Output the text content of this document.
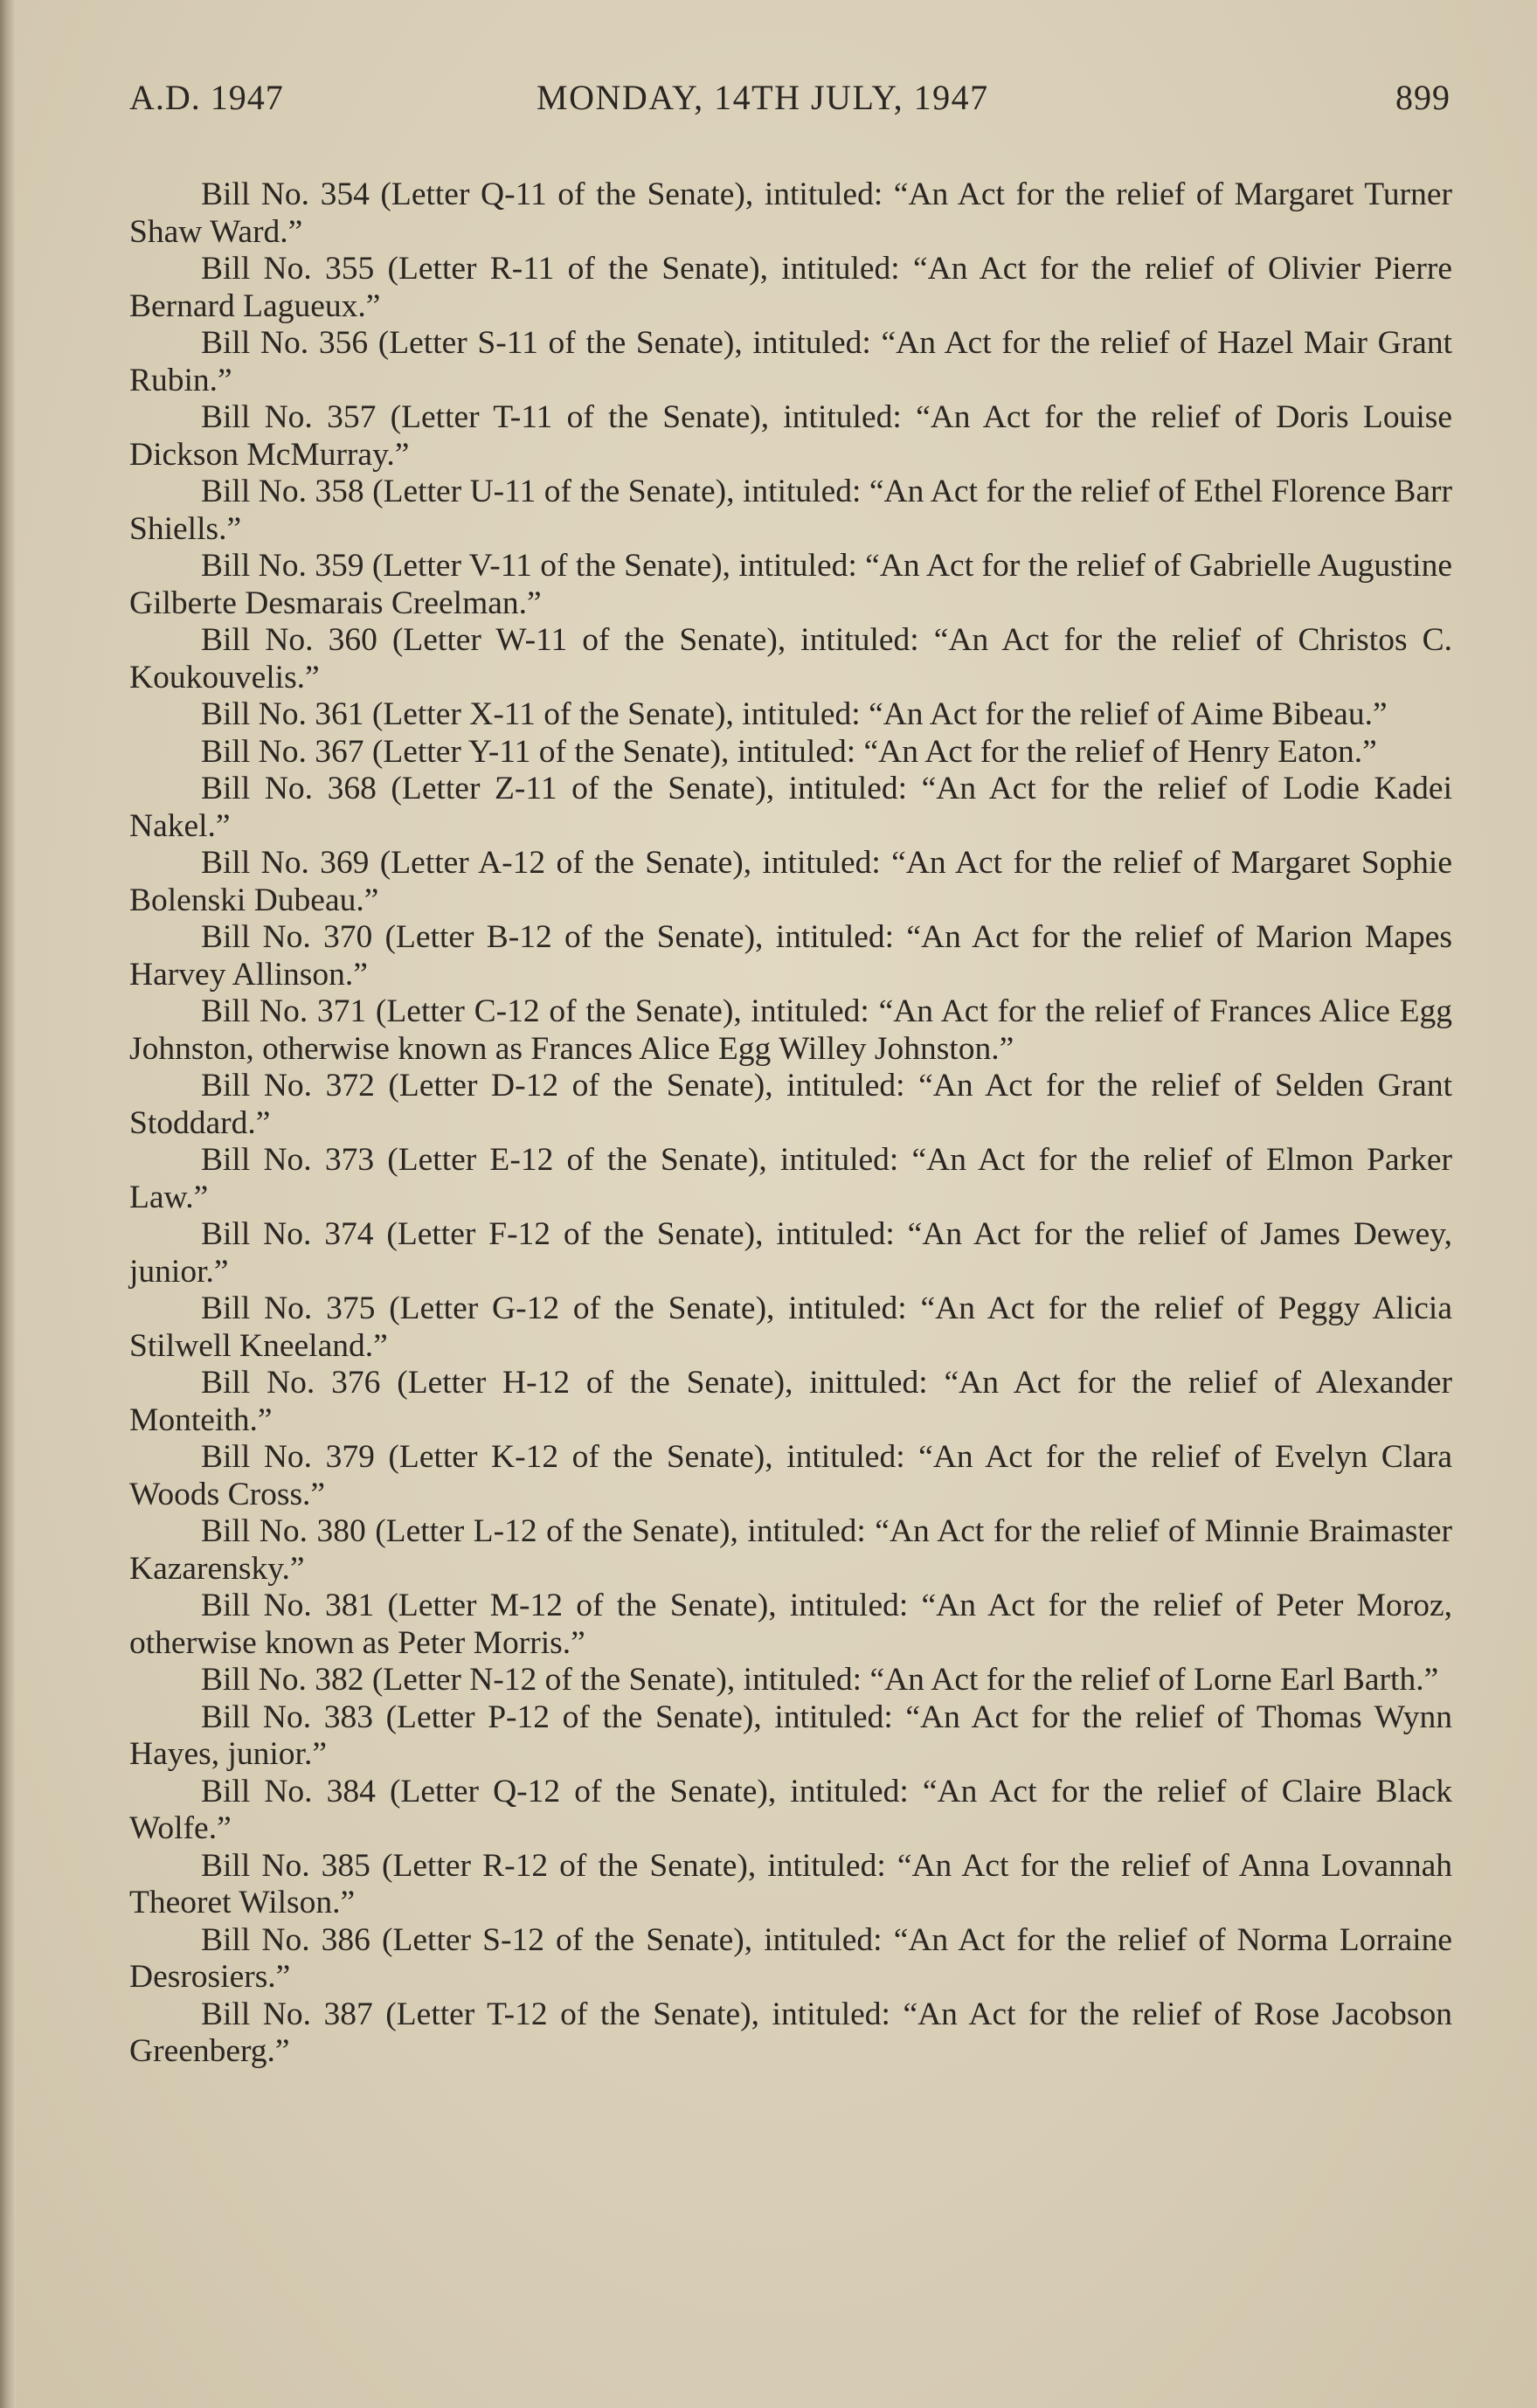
A.D. 1947	MONDAY, 14TH JULY, 1947	899

Bill No. 354 (Letter Q-11 of the Senate), intituled: “An Act for the relief of Margaret Turner Shaw Ward.”

Bill No. 355 (Letter R-11 of the Senate), intituled: “An Act for the relief of Olivier Pierre Bernard Lagueux.”

Bill No. 356 (Letter S-11 of the Senate), intituled: “An Act for the relief of Hazel Mair Grant Rubin.”

Bill No. 357 (Letter T-11 of the Senate), intituled: “An Act for the relief of Doris Louise Dickson McMurray.”

Bill No. 358 (Letter U-11 of the Senate), intituled: “An Act for the relief of Ethel Florence Barr Shiells.”

Bill No. 359 (Letter V-11 of the Senate), intituled: “An Act for the relief of Gabrielle Augustine Gilberte Desmarais Creelman.”

Bill No. 360 (Letter W-11 of the Senate), intituled: “An Act for the relief of Christos C. Koukouvelis.”

Bill No. 361 (Letter X-11 of the Senate), intituled: “An Act for the relief of Aime Bibeau.”

Bill No. 367 (Letter Y-11 of the Senate), intituled: “An Act for the relief of Henry Eaton.”

Bill No. 368 (Letter Z-11 of the Senate), intituled: “An Act for the relief of Lodie Kadei Nakel.”

Bill No. 369 (Letter A-12 of the Senate), intituled: “An Act for the relief of Margaret Sophie Bolenski Dubeau.”

Bill No. 370 (Letter B-12 of the Senate), intituled: “An Act for the relief of Marion Mapes Harvey Allinson.”

Bill No. 371 (Letter C-12 of the Senate), intituled: “An Act for the relief of Frances Alice Egg Johnston, otherwise known as Frances Alice Egg Willey Johnston.”

Bill No. 372 (Letter D-12 of the Senate), intituled: “An Act for the relief of Selden Grant Stoddard.”

Bill No. 373 (Letter E-12 of the Senate), intituled: “An Act for the relief of Elmon Parker Law.”

Bill No. 374 (Letter F-12 of the Senate), intituled: “An Act for the relief of James Dewey, junior.”

Bill No. 375 (Letter G-12 of the Senate), intituled: “An Act for the relief of Peggy Alicia Stilwell Kneeland.”

Bill No. 376 (Letter H-12 of the Senate), inittuled: “An Act for the relief of Alexander Monteith.”

Bill No. 379 (Letter K-12 of the Senate), intituled: “An Act for the relief of Evelyn Clara Woods Cross.”

Bill No. 380 (Letter L-12 of the Senate), intituled: “An Act for the relief of Minnie Braimaster Kazarensky.”

Bill No. 381 (Letter M-12 of the Senate), intituled: “An Act for the relief of Peter Moroz, otherwise known as Peter Morris.”

Bill No. 382 (Letter N-12 of the Senate), intituled: “An Act for the relief of Lorne Earl Barth.”

Bill No. 383 (Letter P-12 of the Senate), intituled: “An Act for the relief of Thomas Wynn Hayes, junior.”

Bill No. 384 (Letter Q-12 of the Senate), intituled: “An Act for the relief of Claire Black Wolfe.”

Bill No. 385 (Letter R-12 of the Senate), intituled: “An Act for the relief of Anna Lovannah Theoret Wilson.”

Bill No. 386 (Letter S-12 of the Senate), intituled: “An Act for the relief of Norma Lorraine Desrosiers.”

Bill No. 387 (Letter T-12 of the Senate), intituled: “An Act for the relief of Rose Jacobson Greenberg.”
